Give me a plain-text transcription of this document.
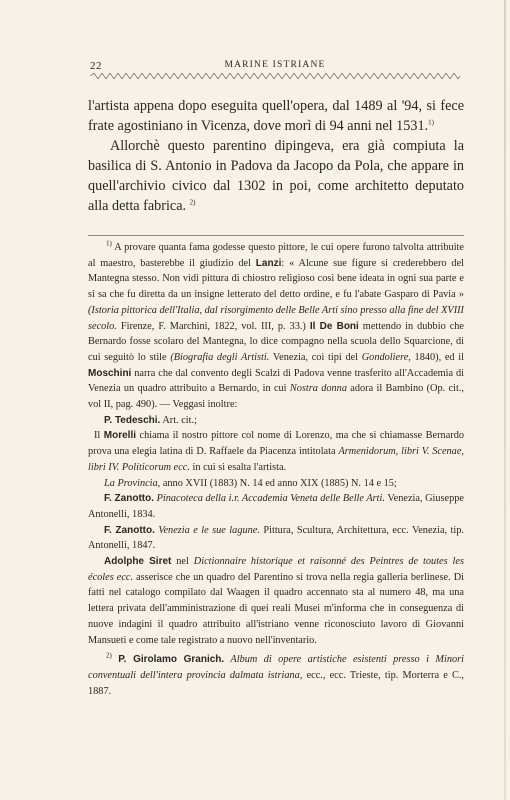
22	MARINE ISTRIANE

l'artista appena dopo eseguita quell'opera, dal 1489 al '94, si fece frate agostiniano in Vicenza, dove morì di 94 anni nel 1531.$^{1)}$

Allorchè questo parentino dipingeva, era già compiuta la basilica di S. Antonio in Padova da Jacopo da Pola, che appare in quell'archivio civico dal 1302 in poi, come architetto deputato alla detta fabrica. $^{2)}$

$^{1)}$ A provare quanta fama godesse questo pittore, le cui opere furono talvolta attribuite al maestro, basterebbe il giudizio del Lanzi: « Alcune sue figure si crederebbero del Mantegna stesso. Non vidi pittura di chiostro religioso così bene ideata in ogni sua parte e si sa che fu diretta da un insigne letterato del detto ordine, e fu l'abate Gasparo di Pavia » (Istoria pittorica dell'Italia, dal risorgimento delle Belle Arti sino presso alla fine del XVIII secolo. Firenze, F. Marchini, 1822, vol. III, p. 33.) Il De Boni mettendo in dubbio che Bernardo fosse scolaro del Mantegna, lo dice compagno nella scuola dello Squarcione, di cui seguitò lo stile (Biografia degli Artisti. Venezia, coi tipi del Gondoliere, 1840), ed il Moschini narra che dal convento degli Scalzi di Padova venne trasferito all'Accademia di Venezia un quadro attribuito a Bernardo, in cui Nostra donna adora il Bambino (Op. cit., vol II, pag. 490). — Veggasi inoltre:

P. Tedeschi. Art. cit.;

Il Morelli chiama il nostro pittore col nome di Lorenzo, ma che si chiamasse Bernardo prova una elegia latina di D. Raffaele da Piacenza intitolata Armenidorum, libri V. Scenae, libri IV. Politicorum ecc. in cui si esalta l'artista.

La Provincia, anno XVII (1883) N. 14 ed anno XIX (1885) N. 14 e 15;

F. Zanotto. Pinacoteca della i.r. Accademia Veneta delle Belle Arti. Venezia, Giuseppe Antonelli, 1834.

F. Zanotto. Venezia e le sue lagune. Pittura, Scultura, Architettura, ecc. Venezia, tip. Antonelli, 1847.

Adolphe Siret nel Dictionnaire historique et raisonné des Peintres de toutes les écoles ecc. asserisce che un quadro del Parentino si trova nella regia galleria berlinese. Di fatti nel catalogo compilato dal Waagen il quadro accennato sta al numero 48, ma una lettera privata dell'amministrazione di quei reali Musei m'informa che in conseguenza di nuove indagini il quadro attribuito all'istriano venne riconosciuto lavoro di Giovanni Mansueti e come tale registrato a nuovo nell'inventario.

$^{2)}$ P. Girolamo Granich. Album di opere artistiche esistenti presso i Minori conventuali dell'intera provincia dalmata istriana, ecc., ecc. Trieste, tip. Morterra e C., 1887.
